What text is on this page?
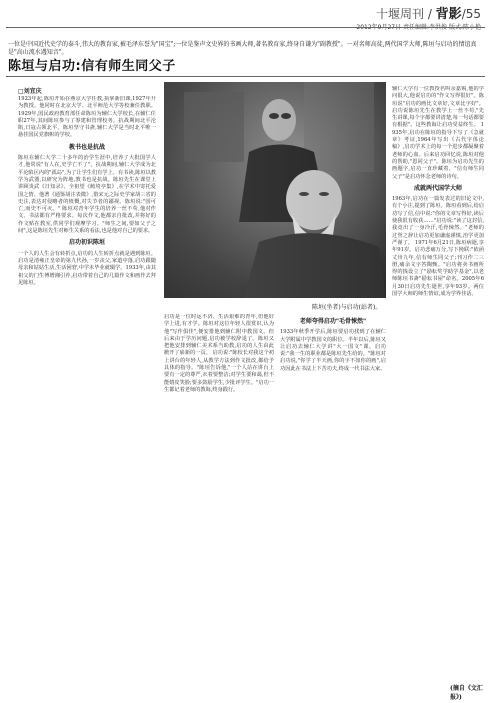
十堰周刊 / 背影/55
一位是中国近代史学的泰斗,伟大的教育家,被毛泽东誉为"国宝";一位是鉴声文史界的书画大师,著名教育家,终身自谦为"副教授"。一对名师高徒,两代国学大师,陈垣与启功的情谊真是"高山流水遇知音"。
陈垣与启功:信有师生同父子
□刘宜庆
1923年起,陈垣开始在燕京大学任教,执掌新旧课,1927年升为教授。他同时在北京大学、北平师范大学等校兼任教职。1929年,国民政府教育部任命陈垣为辅仁大学校长,在辅仁任职27年,其间陈垣参与了筹建和管理校务。抗战期间北平沦陷,日寇占领北平。陈垣坚守书斋,辅仁大学是当时北平唯一悬挂国民党旗帜的学校。
教书也是抗战
陈垣在辅仁大学二十多年的治学生涯中,培养了大批国学人才,他常说"有人在,史学亡不了"。抗战期间,辅仁大学成为北平沦陷区内的"孤岛",为了让学生们有学上、有书读,陈垣以教学为武器,以研究为阵地,教书也是抗战。陈垣先生在课堂上讲顾炎武《日知录》、全祖望《鲒埼亭集》,在学术中寄托爱国之情。他著《通鉴胡注表微》,借宋元之际史学家胡三省的史注,表达对侵略者的愤慨,对失节者的鄙视。陈垣说:"国可亡,而史不可灭。" 陈垣对青年学生的培养一丝不苟,他对作文、书法都有严格要求。每次作文,他都亲自批改,并将好的作文贴在教室,供同学们观摩学习。"师生之间,要如父子之间",这是陈垣先生对师生关系的看法,也是他对自己的要求。
启功初识陈垣
一个人的人生会有转折点,启功的人生转折点就是遇到陈垣。启功是清雍正皇帝的第九代孙,一岁丧父,家道中落,启功跟随母亲和姑姑生活,生活困窘,中学未毕业就辍学。1933年,由其祖父的门生傅增湘引荐,启功带着自己的几篇作文和画作去拜见陈垣。
陈垣(坐者)与启功(站者)。
启功是一位时运不济、生活艰难的青年,但他好学上进,有才学。陈垣对这位年轻人很赏识,认为他"写作俱佳",便安排他到辅仁附中教国文。但后来由于学历问题,启功被学校辞退了。陈垣又把他安排到辅仁美术系当助教,启功的人生由此掀开了崭新的一页。 启功说:"陈校长对我这个初上讲台的年轻人,从教学方法到作文批改,都给予具体的指导。"陈垣告诉他,"一个人站在讲台上要有一定的尊严,衣着要整洁;对学生要和蔼,但不能嬉皮笑脸;要多鼓励学生,少批评学生。"启功一生都记着老师的教诲,终身践行。
老师夸得启功"毛骨悚然"
1933年秋季开学后,陈垣要启功找到了在辅仁大学附属中学教国文的职位。半年以后,陈垣又让启功去辅仁大学讲"大一国文"课。启功说:"我一生的职业都是陈垣先生给的。"陈垣对启功说,"你学了半天画,你的字不如你的画",启功因此在书法上下苦功夫,终成一代书法大家。
辅仁大学有一位教授名叫余嘉锡,他的学问很大,他说启功的"作文写得很好"。陈垣说"启功的画比文章好,文章比字好"。启功说陈垣先生在教学上一丝不苟,"先生讲课,每个字都要讲清楚,每一句话都要有根据"。这些教诲让启功受益终生。 1935年,启功在陈垣的指导下写了《急就章》考证,1964年写出《古代字体论稿》,启功学术上的每一个进步都凝聚着老师的心血。后来启功回忆说,陈垣对他的帮助,"恩同父子"。陈垣为启功先生的画题字,启功一直珍藏着。"信有师生同父子"是启功怀念老师的诗句。
成就两代国学大师
1963年,启功在一篇发表过的旧论文中,有个小注,提到了陈垣。陈垣看到后,给启功写了信,信中说:"你的文章写得好,读后使我很有收获……"启功说:"读了这封信,我竟出了一身冷汗,毛骨悚然。"老师的过誉之辞让启功更加谦虚谨慎,治学更加严谨了。 1971年6月21日,陈垣病逝,享年91岁。启功悲痛万分,写下挽联:"依函丈卅九年,信有师生同父子;刊习作二三册,痛余文字答陶甄。"启功将卖书画所得的钱设立了"励耘奖学助学基金",以老师陈垣书斋"励耘书屋"命名。2005年6月30日启功先生逝世,享年93岁。两位国学大师的师生情谊,成为学界佳话。
(摘自《文汇报》)
